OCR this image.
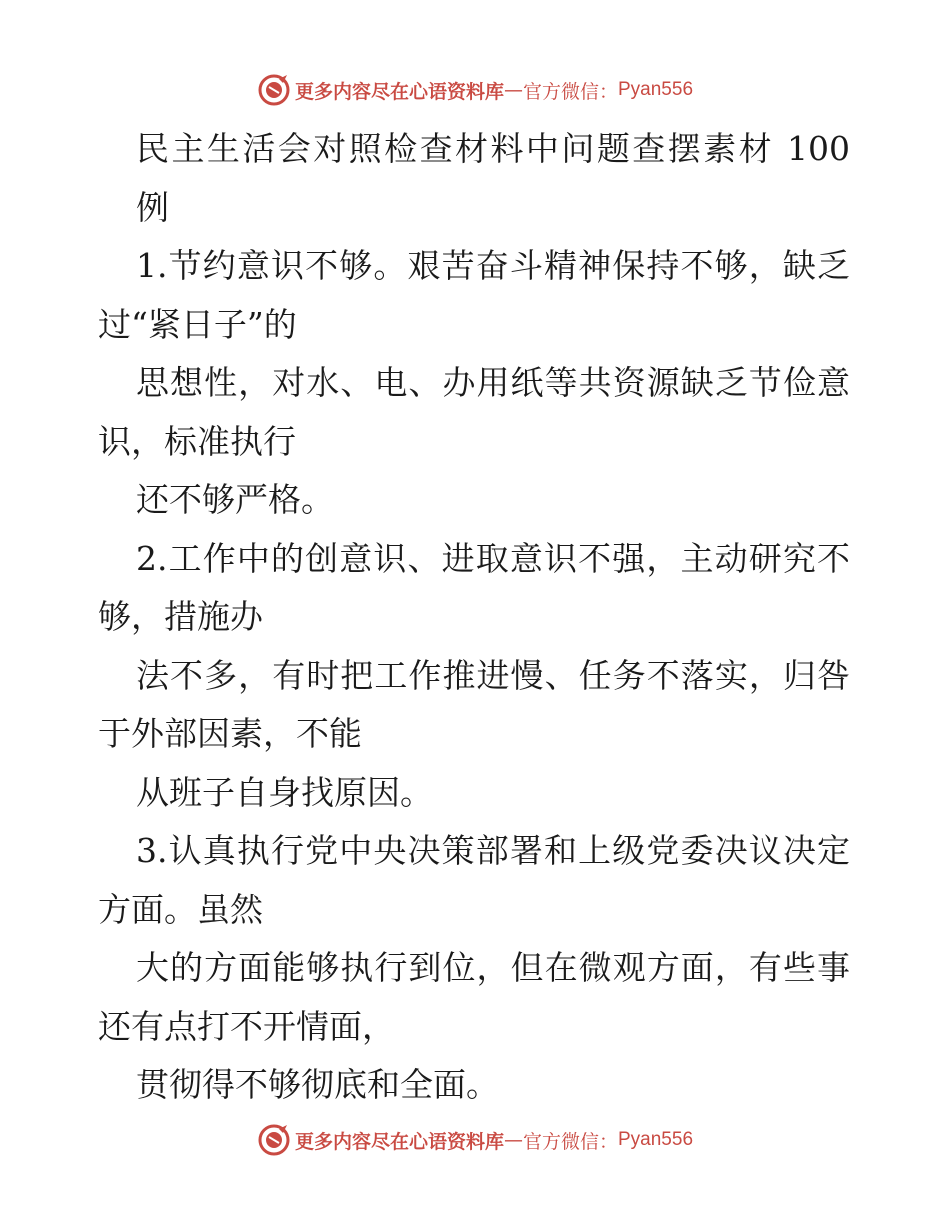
更多内容尽在心语资料库 — 官方微信： Pyan556
民主生活会对照检查材料中问题查摆素材 100
例
1.节约意识不够。艰苦奋斗精神保持不够，缺乏
过“紧日子”的
思想性，对水、电、办用纸等共资源缺乏节俭意
识，标准执行
还不够严格。
2.工作中的创意识、进取意识不强，主动研究不
够，措施办
法不多，有时把工作推进慢、任务不落实，归咎
于外部因素，不能
从班子自身找原因。
3.认真执行党中央决策部署和上级党委决议决定
方面。虽然
大的方面能够执行到位，但在微观方面，有些事
还有点打不开情面，
贯彻得不够彻底和全面。
更多内容尽在心语资料库 — 官方微信： Pyan556
